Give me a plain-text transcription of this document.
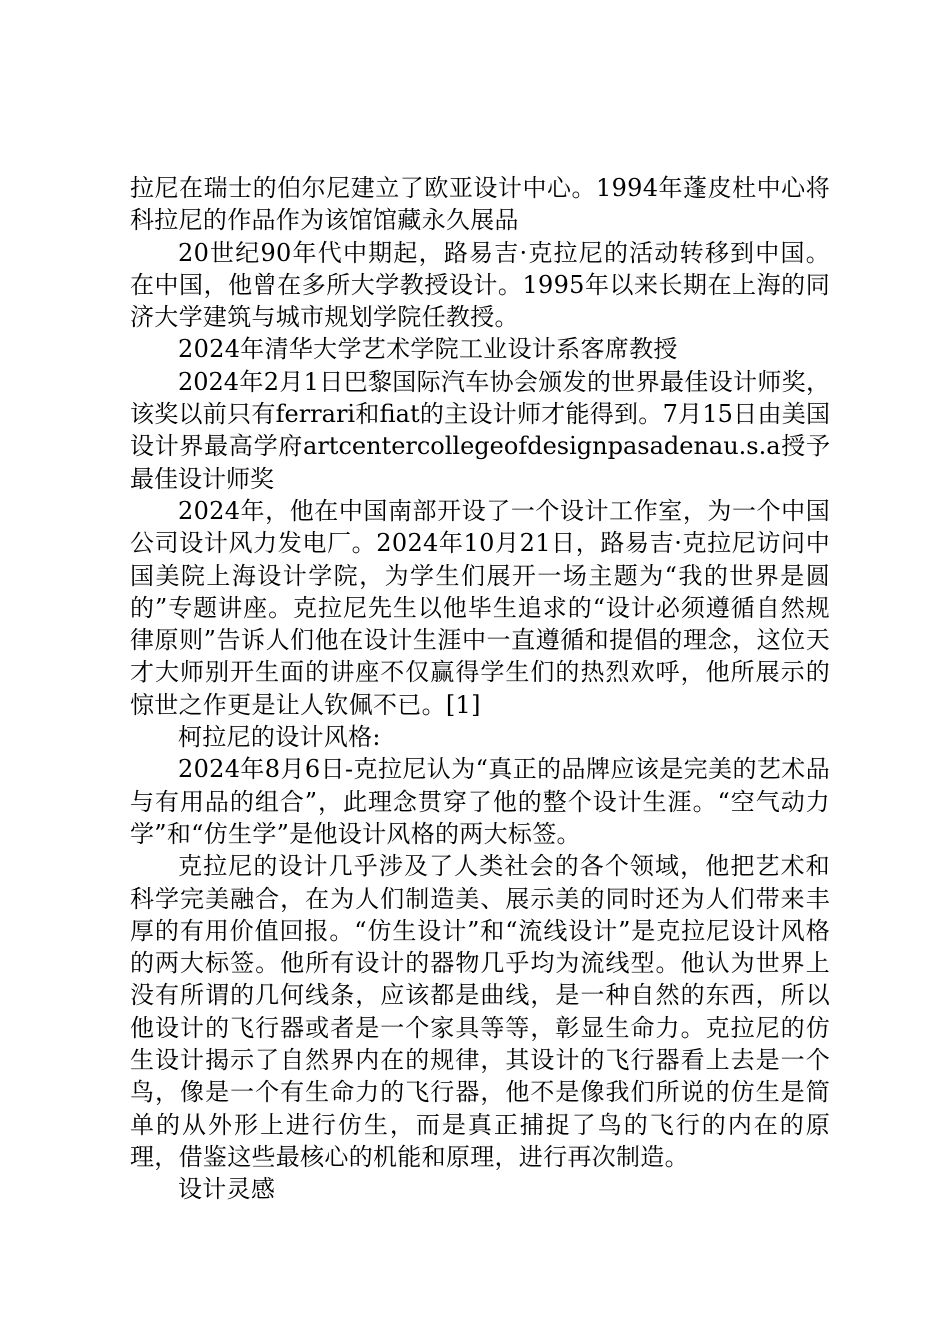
拉尼在瑞士的伯尔尼建立了欧亚设计中心。1994年蓬皮杜中心将科拉尼的作品作为该馆馆藏永久展品

20世纪90年代中期起，路易吉·克拉尼的活动转移到中国。在中国，他曾在多所大学教授设计。1995年以来长期在上海的同济大学建筑与城市规划学院任教授。

2024年清华大学艺术学院工业设计系客席教授

2024年2月1日巴黎国际汽车协会颁发的世界最佳设计师奖，该奖以前只有ferrari和fiat的主设计师才能得到。7月15日由美国设计界最高学府artcentercollegeofdesignpasadenau.s.a授予最佳设计师奖

2024年，他在中国南部开设了一个设计工作室，为一个中国公司设计风力发电厂。2024年10月21日，路易吉·克拉尼访问中国美院上海设计学院，为学生们展开一场主题为“我的世界是圆的”专题讲座。克拉尼先生以他毕生追求的“设计必须遵循自然规律原则”告诉人们他在设计生涯中一直遵循和提倡的理念，这位天才大师别开生面的讲座不仅赢得学生们的热烈欢呼，他所展示的惊世之作更是让人钦佩不已。[1]

柯拉尼的设计风格:

2024年8月6日-克拉尼认为“真正的品牌应该是完美的艺术品与有用品的组合”，此理念贯穿了他的整个设计生涯。“空气动力学”和“仿生学”是他设计风格的两大标签。

克拉尼的设计几乎涉及了人类社会的各个领域，他把艺术和科学完美融合，在为人们制造美、展示美的同时还为人们带来丰厚的有用价值回报。“仿生设计”和“流线设计”是克拉尼设计风格的两大标签。他所有设计的器物几乎均为流线型。他认为世界上没有所谓的几何线条，应该都是曲线，是一种自然的东西，所以他设计的飞行器或者是一个家具等等，彰显生命力。克拉尼的仿生设计揭示了自然界内在的规律，其设计的飞行器看上去是一个鸟，像是一个有生命力的飞行器，他不是像我们所说的仿生是简单的从外形上进行仿生，而是真正捕捉了鸟的飞行的内在的原理，借鉴这些最核心的机能和原理，进行再次制造。

设计灵感
